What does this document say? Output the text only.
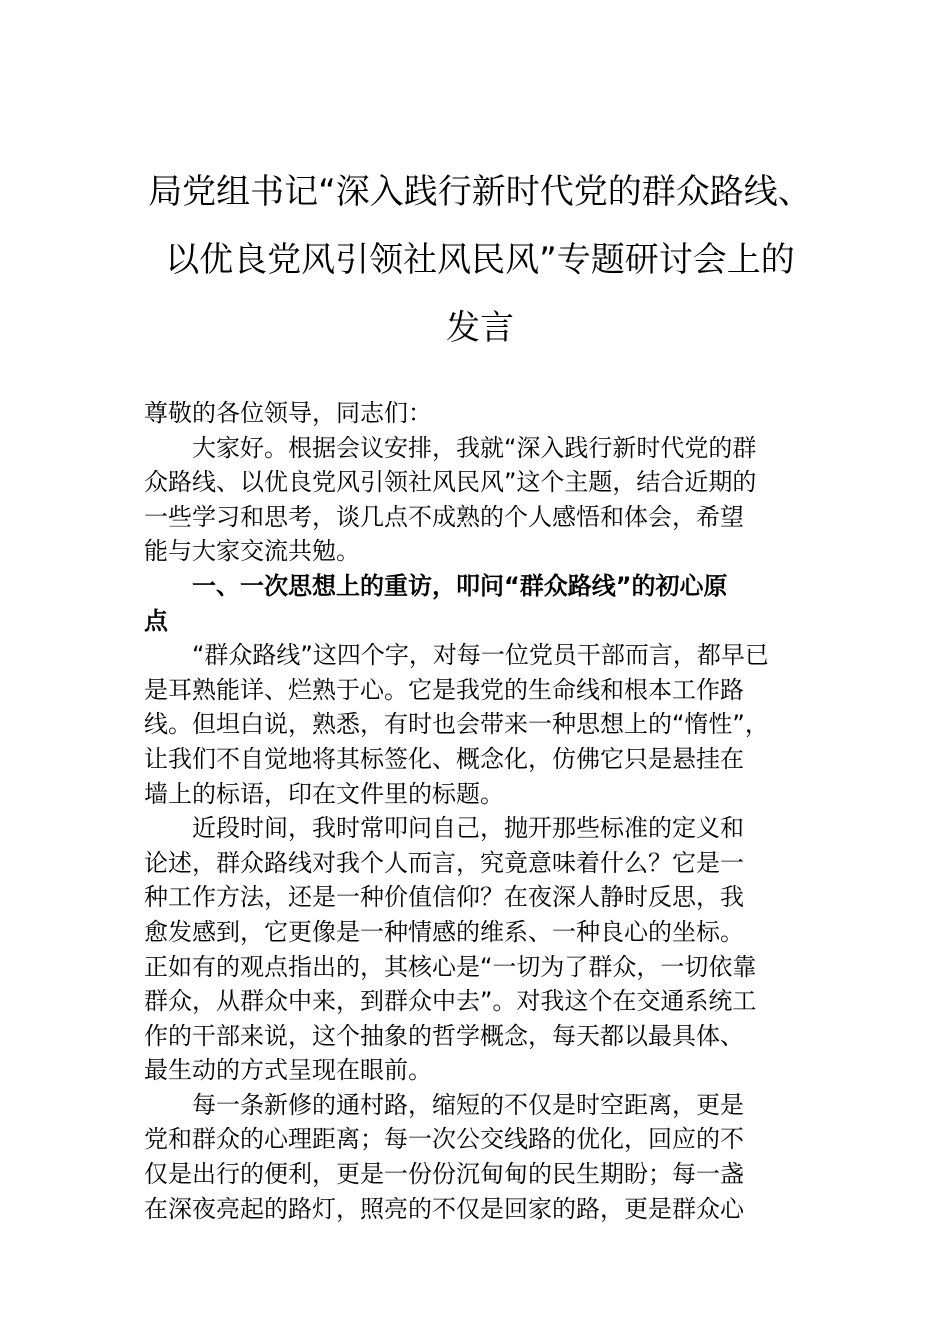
局党组书记“深入践行新时代党的群众路线、
以优良党风引领社风民风”专题研讨会上的
发言
尊敬的各位领导，同志们：
大家好。根据会议安排，我就“深入践行新时代党的群
众路线、以优良党风引领社风民风”这个主题，结合近期的
一些学习和思考，谈几点不成熟的个人感悟和体会，希望
能与大家交流共勉。
一、一次思想上的重访，叩问“群众路线”的初心原
点
“群众路线”这四个字，对每一位党员干部而言，都早已
是耳熟能详、烂熟于心。它是我党的生命线和根本工作路
线。但坦白说，熟悉，有时也会带来一种思想上的“惰性”，
让我们不自觉地将其标签化、概念化，仿佛它只是悬挂在
墙上的标语，印在文件里的标题。
近段时间，我时常叩问自己，抛开那些标准的定义和
论述，群众路线对我个人而言，究竟意味着什么？它是一
种工作方法，还是一种价值信仰？在夜深人静时反思，我
愈发感到，它更像是一种情感的维系、一种良心的坐标。
正如有的观点指出的，其核心是“一切为了群众，一切依靠
群众，从群众中来，到群众中去”。对我这个在交通系统工
作的干部来说，这个抽象的哲学概念，每天都以最具体、
最生动的方式呈现在眼前。
每一条新修的通村路，缩短的不仅是时空距离，更是
党和群众的心理距离；每一次公交线路的优化，回应的不
仅是出行的便利，更是一份份沉甸甸的民生期盼；每一盏
在深夜亮起的路灯，照亮的不仅是回家的路，更是群众心
